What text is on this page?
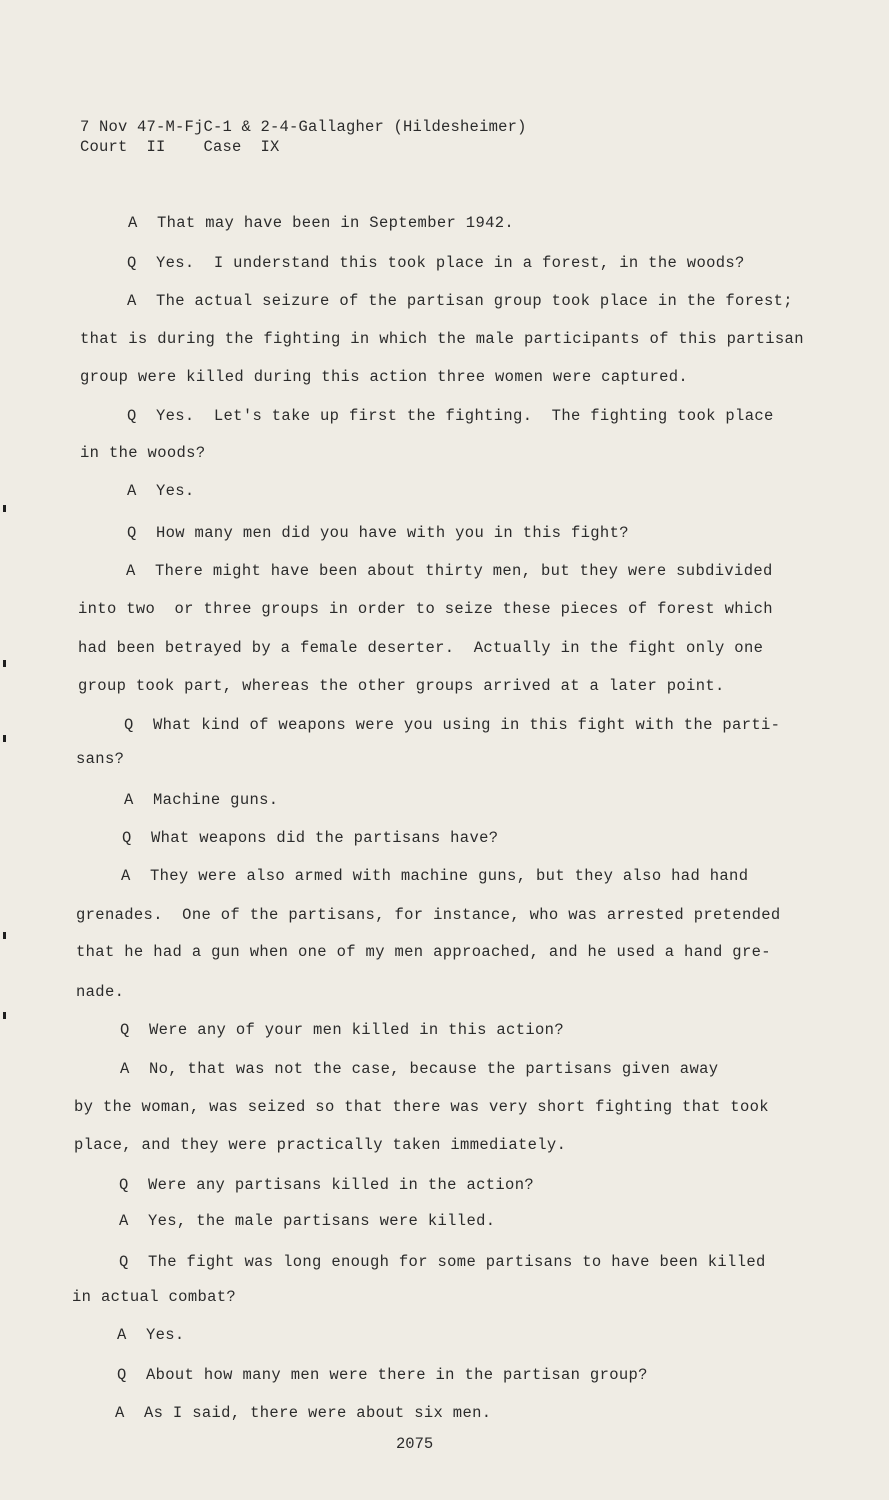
7 Nov 47-M-FjC-1 & 2-4-Gallagher (Hildesheimer)
Court  II    Case  IX
A  That may have been in September 1942.
Q  Yes.  I understand this took place in a forest, in the woods?
A  The actual seizure of the partisan group took place in the forest;
that is during the fighting in which the male participants of this partisan
group were killed during this action three women were captured.
Q  Yes.  Let's take up first the fighting.  The fighting took place
in the woods?
A  Yes.
Q  How many men did you have with you in this fight?
A  There might have been about thirty men, but they were subdivided
into two  or three groups in order to seize these pieces of forest which
had been betrayed by a female deserter.  Actually in the fight only one
group took part, whereas the other groups arrived at a later point.
Q  What kind of weapons were you using in this fight with the parti-
sans?
A  Machine guns.
Q  What weapons did the partisans have?
A  They were also armed with machine guns, but they also had hand
grenades.  One of the partisans, for instance, who was arrested pretended
that he had a gun when one of my men approached, and he used a hand gre-
nade.
Q  Were any of your men killed in this action?
A  No, that was not the case, because the partisans given away
by the woman, was seized so that there was very short fighting that took
place, and they were practically taken immediately.
Q  Were any partisans killed in the action?
A  Yes, the male partisans were killed.
Q  The fight was long enough for some partisans to have been killed
in actual combat?
A  Yes.
Q  About how many men were there in the partisan group?
A  As I said, there were about six men.
2075
